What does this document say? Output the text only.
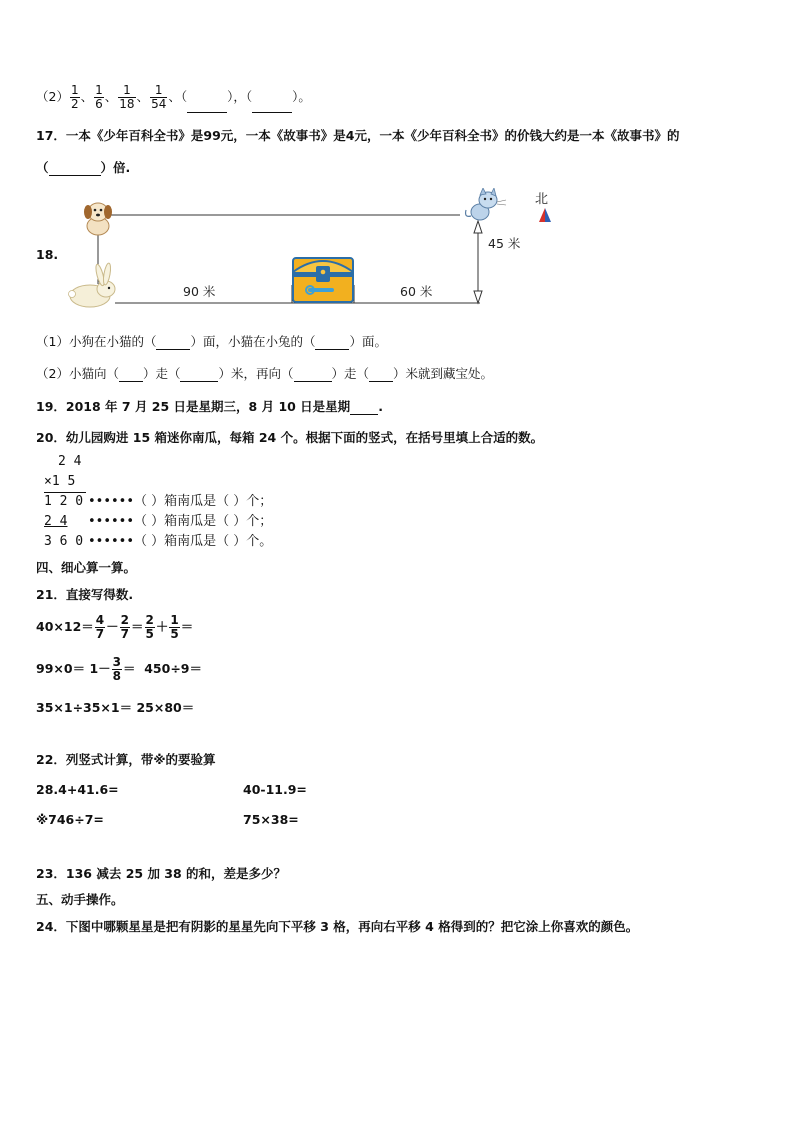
$(2) \frac{1}{2}$ 、 $\frac{1}{6}$ 、 $\frac{1}{18}$ 、 $\frac{1}{54}$ 、（	），（	）。
17．一本《少年百科全书》是99元，一本《故事书》是4元，一本《少年百科全书》的价钱大约是一本《故事书》的
（	）倍.
18.
90 米	60 米
45 米
北
（1）小狗在小猫的（	）面，小猫在小兔的（	）面。
（2）小猫向（ ）走（	）米，再向（	）走（ ）米就到藏宝处。
19．2018 年 7 月 25 日是星期三，8 月 10 日是星期 .
20．幼儿园购进 15 箱迷你南瓜，每箱 24 个。根据下面的竖式，在括号里填上合适的数。
2 4
×1 5
1 2 0 ••••••（ ）箱南瓜是（ ）个；
2 4 ••••••（ ）箱南瓜是（ ）个；
3 6 0 ••••••（ ）箱南瓜是（ ）个。
四、细心算一算。
21．直接写得数.
$40\times 12= \frac{4}{7} - \frac{2}{7} = \frac{2}{5} + \frac{1}{5}$ ＝
$99\times 0= 1- \frac{3}{8} = 450\div 9=$
35×1÷35×1＝ 25×80＝
22．列竖式计算，带※的要验算
28.4+41.6=	40-11.9=
※746÷7=	75×38=
23．136 减去 25 加 38 的和，差是多少？
五、动手操作。
24．下图中哪颗星星是把有阴影的星星先向下平移 3 格，再向右平移 4 格得到的？把它涂上你喜欢的颜色。
